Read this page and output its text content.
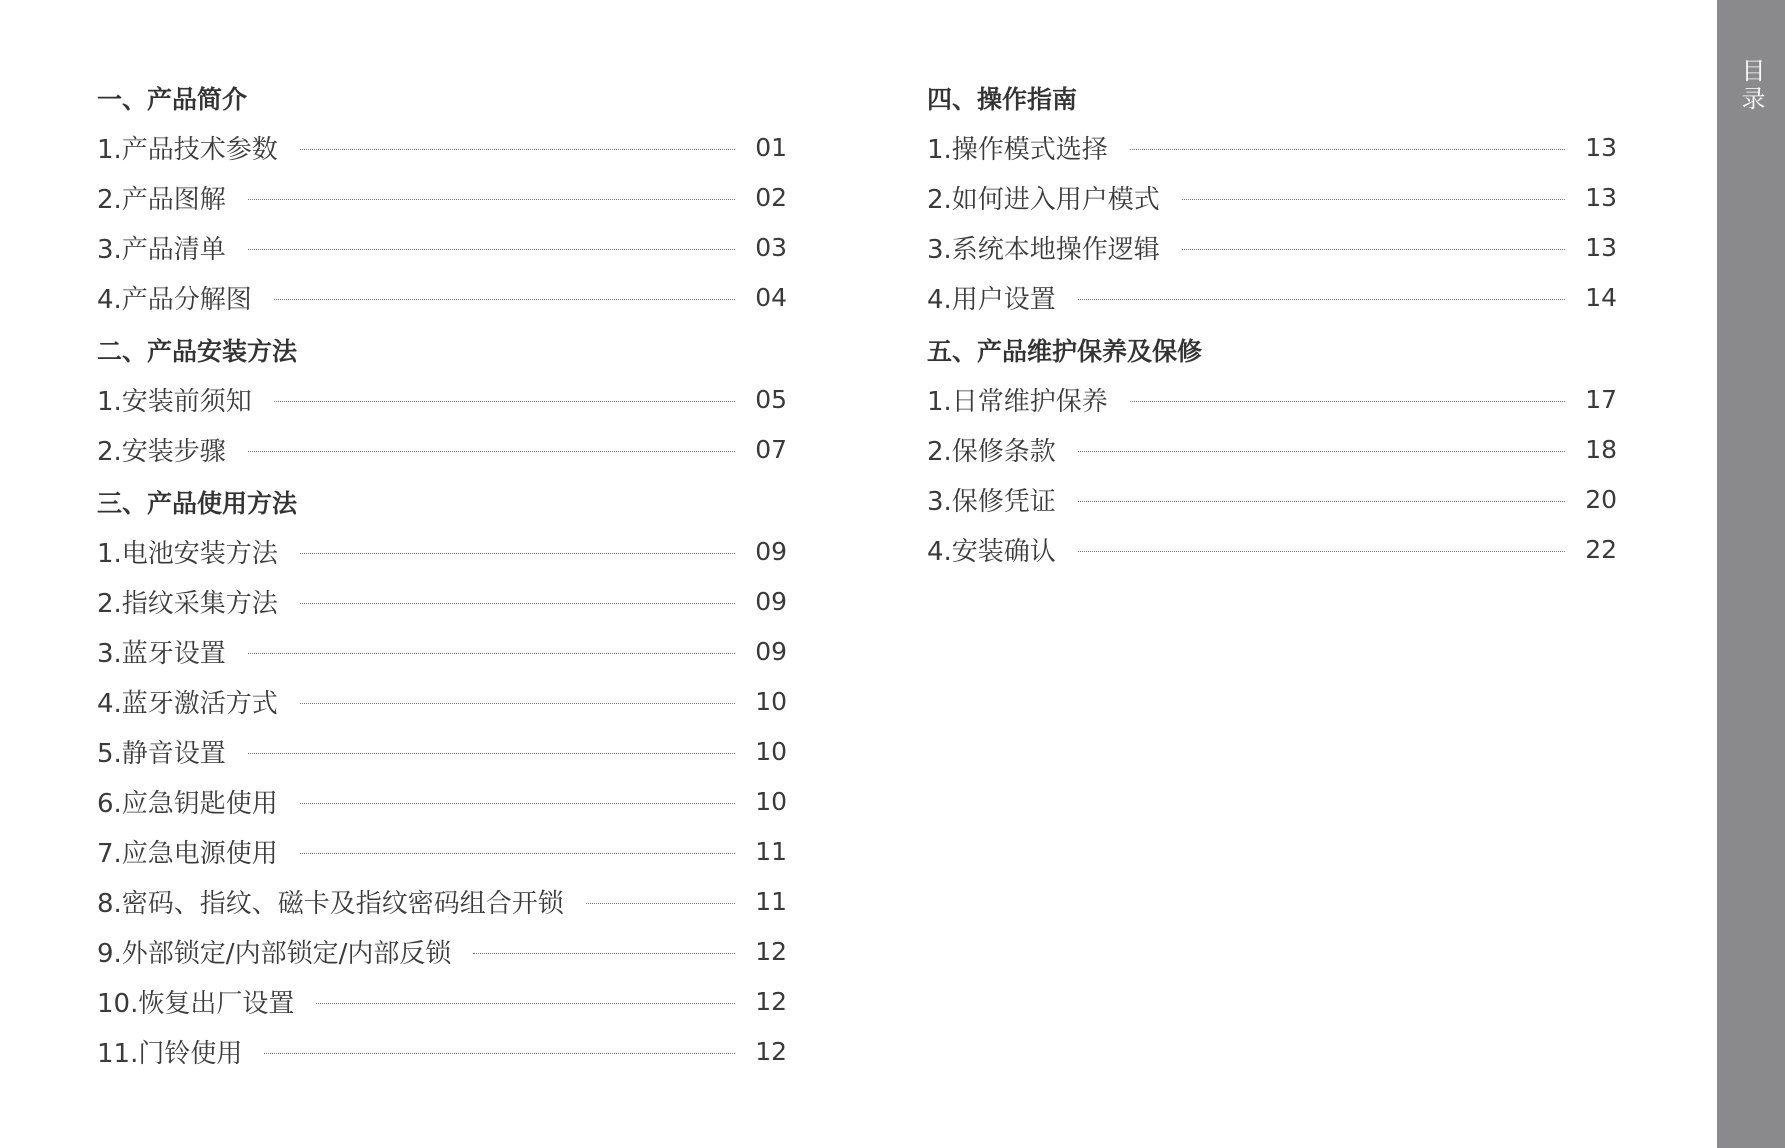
一、产品简介
1.产品技术参数	01
2.产品图解	02
3.产品清单	03
4.产品分解图	04
二、产品安装方法
1.安装前须知	05
2.安装步骤	07
三、产品使用方法
1.电池安装方法	09
2.指纹采集方法	09
3.蓝牙设置	09
4.蓝牙激活方式	10
5.静音设置	10
6.应急钥匙使用	10
7.应急电源使用	11
8.密码、指纹、磁卡及指纹密码组合开锁	11
9.外部锁定/内部锁定/内部反锁	12
10.恢复出厂设置	12
11.门铃使用	12
四、操作指南
1.操作模式选择	13
2.如何进入用户模式	13
3.系统本地操作逻辑	13
4.用户设置	14
五、产品维护保养及保修
1.日常维护保养	17
2.保修条款	18
3.保修凭证	20
4.安装确认	22
目录
